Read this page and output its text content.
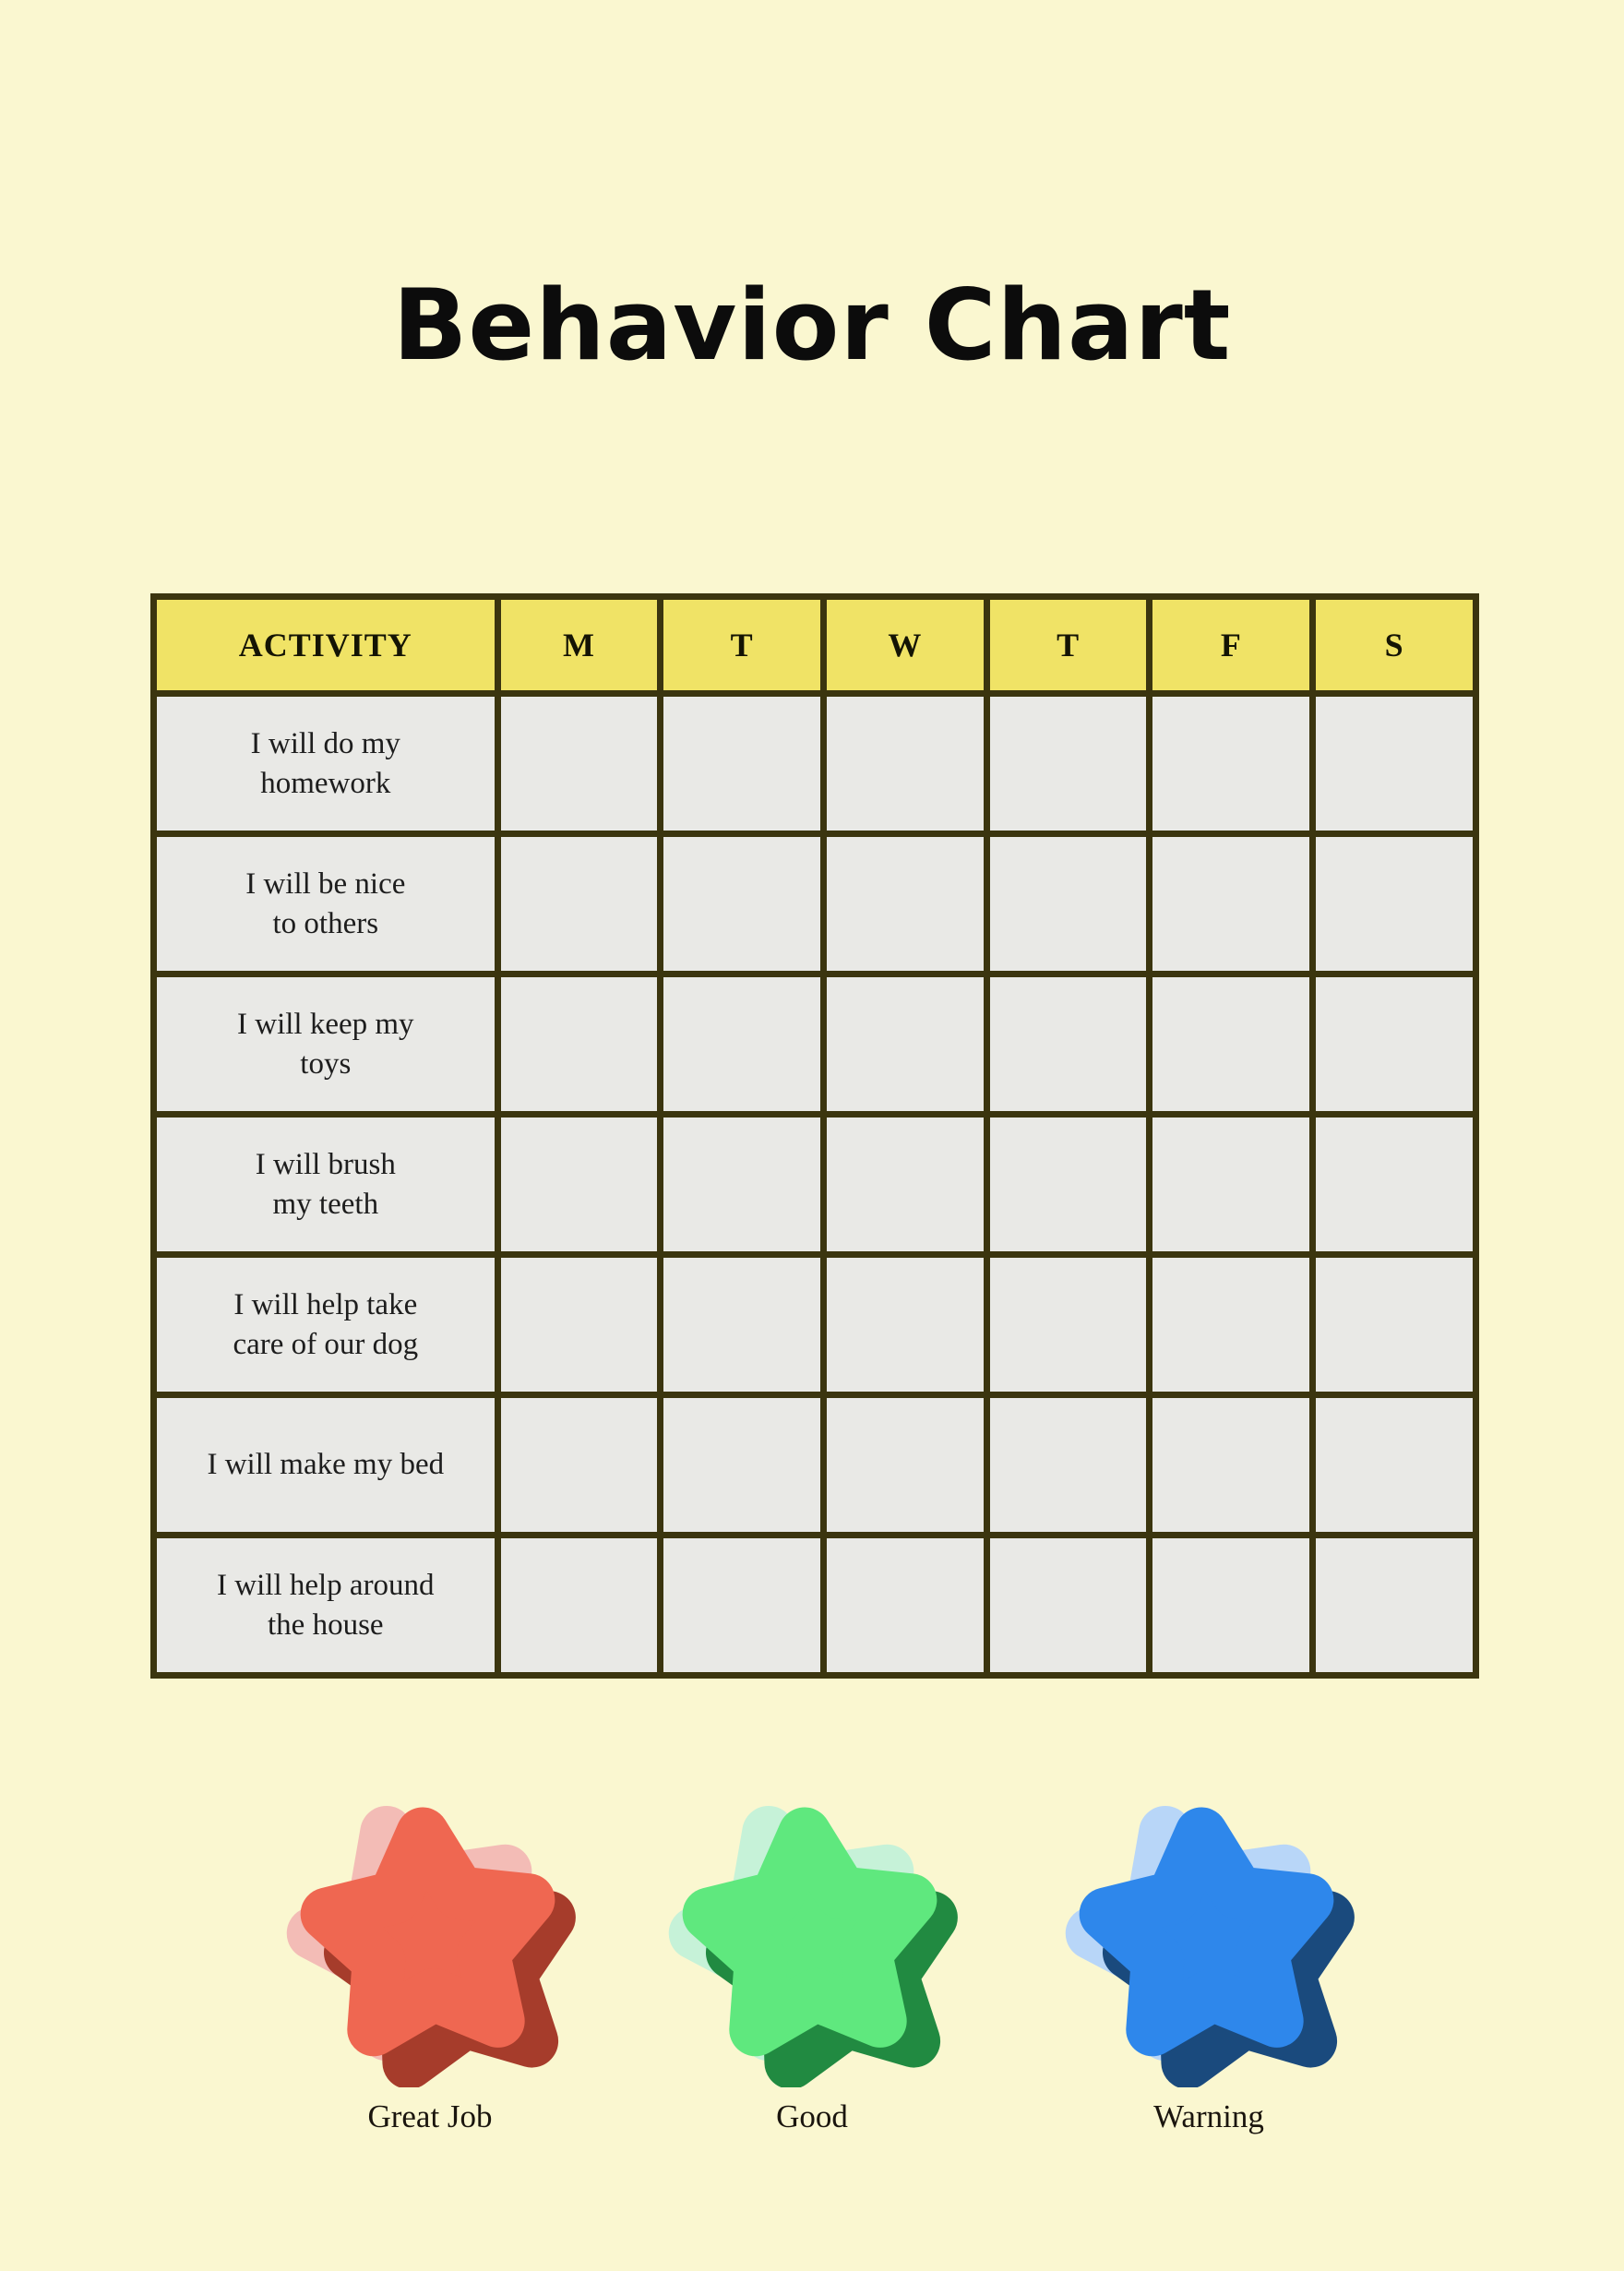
Behavior Chart
ACTIVITY	M	T	W	T	F	S

I will do my
homework						

I will be nice
to others						

I will keep my
toys						

I will brush
my teeth						

I will help take
care of our dog						

I will make my bed						

I will help around
the house						

Great Job	Good	Warning
